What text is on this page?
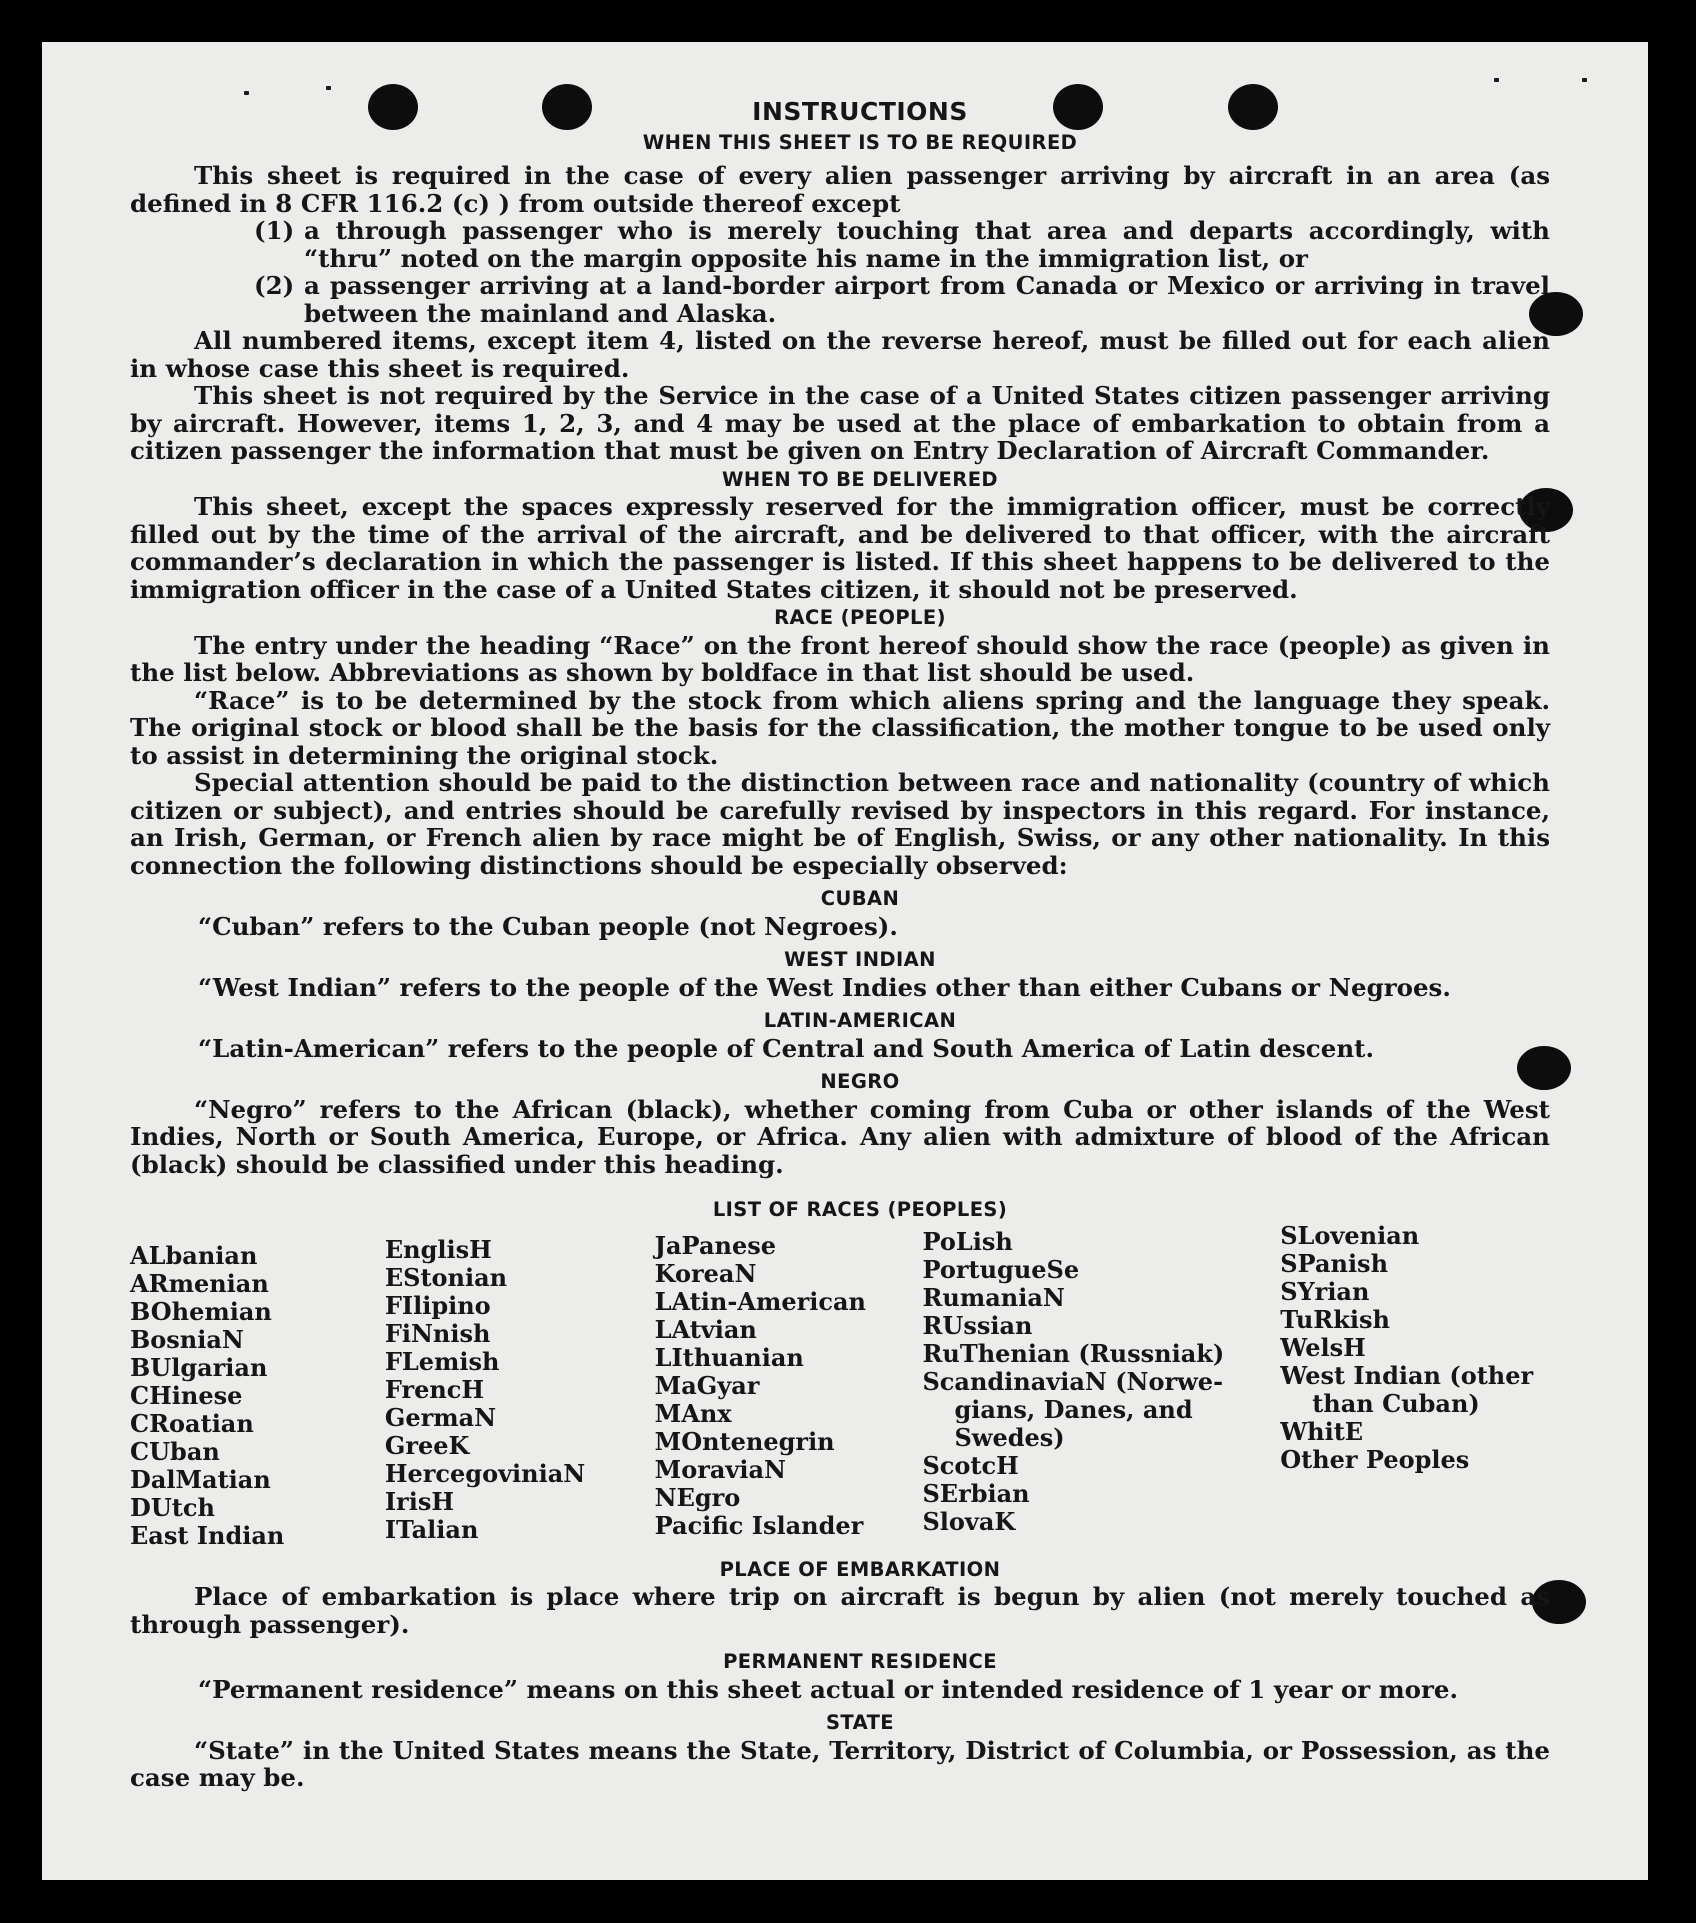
INSTRUCTIONS
WHEN THIS SHEET IS TO BE REQUIRED

This sheet is required in the case of every alien passenger arriving by aircraft in an area (as defined in 8 CFR 116.2 (c) ) from outside thereof except

(1) a through passenger who is merely touching that area and departs accordingly, with “thru” noted on the margin opposite his name in the immigration list, or
(2) a passenger arriving at a land-border airport from Canada or Mexico or arriving in travel between the mainland and Alaska.

All numbered items, except item 4, listed on the reverse hereof, must be filled out for each alien in whose case this sheet is required.

This sheet is not required by the Service in the case of a United States citizen passenger arriving by aircraft. However, items 1, 2, 3, and 4 may be used at the place of embarkation to obtain from a citizen passenger the information that must be given on Entry Declaration of Aircraft Commander.

WHEN TO BE DELIVERED

This sheet, except the spaces expressly reserved for the immigration officer, must be correctly filled out by the time of the arrival of the aircraft, and be delivered to that officer, with the aircraft commander’s declaration in which the passenger is listed. If this sheet happens to be delivered to the immigration officer in the case of a United States citizen, it should not be preserved.

RACE (PEOPLE)

The entry under the heading “Race” on the front hereof should show the race (people) as given in the list below. Abbreviations as shown by boldface in that list should be used.

“Race” is to be determined by the stock from which aliens spring and the language they speak. The original stock or blood shall be the basis for the classification, the mother tongue to be used only to assist in determining the original stock.

Special attention should be paid to the distinction between race and nationality (country of which citizen or subject), and entries should be carefully revised by inspectors in this regard. For instance, an Irish, German, or French alien by race might be of English, Swiss, or any other nationality. In this connection the following distinctions should be especially observed:

CUBAN

“Cuban” refers to the Cuban people (not Negroes).

WEST INDIAN

“West Indian” refers to the people of the West Indies other than either Cubans or Negroes.

LATIN-AMERICAN

“Latin-American” refers to the people of Central and South America of Latin descent.

NEGRO

“Negro” refers to the African (black), whether coming from Cuba or other islands of the West Indies, North or South America, Europe, or Africa. Any alien with admixture of blood of the African (black) should be classified under this heading.

LIST OF RACES (PEOPLES)
ALbanian
ARmenian
BOhemian
BosniaN
BUlgarian
CHinese
CRoatian
CUban
DalMatian
DUtch
East Indian
EnglisH
EStonian
FIlipino
FiNnish
FLemish
FrencH
GermaN
GreeK
HercegoviniaN
IrisH
ITalian
JaPanese
KoreaN
LAtin-American
LAtvian
LIthuanian
MaGyar
MAnx
MOntenegrin
MoraviaN
NEgro
Pacific Islander
PoLish
PortugueSe
RumaniaN
RUssian
RuThenian (Russniak)
ScandinaviaN (Norwe-
gians, Danes, and
Swedes)
ScotcH
SErbian
SlovaK
SLovenian
SPanish
SYrian
TuRkish
WelsH
West Indian (other
than Cuban)
WhitE
Other Peoples
PLACE OF EMBARKATION

Place of embarkation is place where trip on aircraft is begun by alien (not merely touched as through passenger).

PERMANENT RESIDENCE

“Permanent residence” means on this sheet actual or intended residence of 1 year or more.

STATE

“State” in the United States means the State, Territory, District of Columbia, or Possession, as the case may be.
